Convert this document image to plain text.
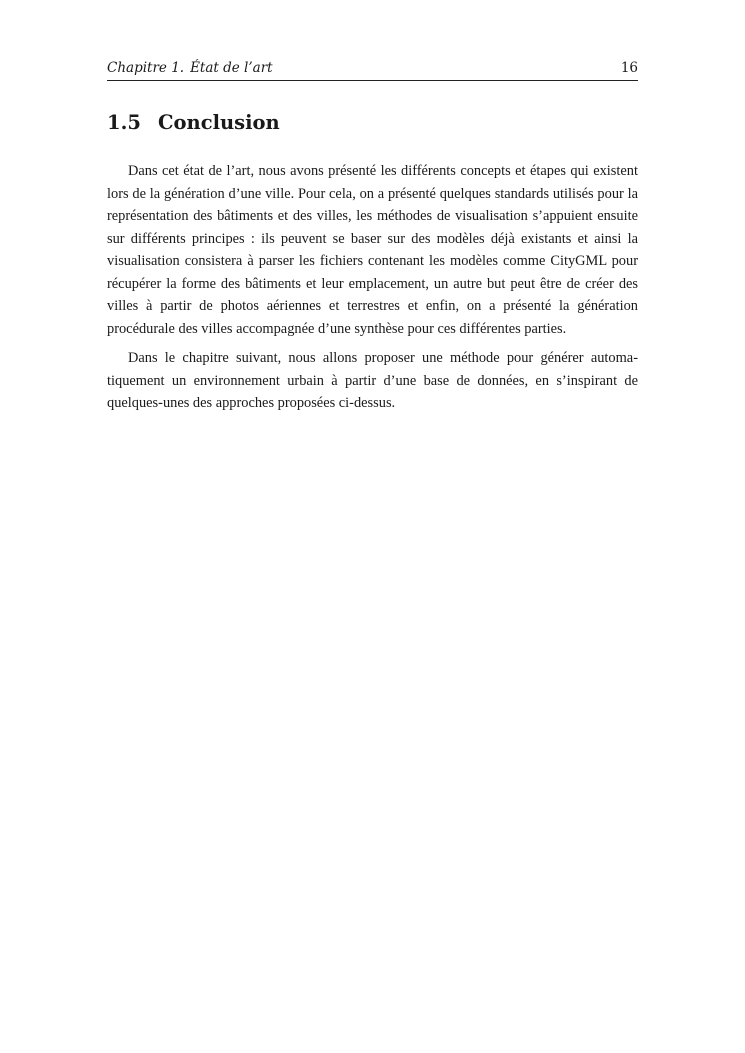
Chapitre 1. État de l’art	16
1.5 Conclusion

Dans cet état de l’art, nous avons présenté les différents concepts et étapes qui existent lors de la génération d’une ville. Pour cela, on a présenté quelques standards utilisés pour la représentation des bâtiments et des villes, les méthodes de visualisation s’appuient ensuite sur différents principes : ils peuvent se baser sur des modèles déjà existants et ainsi la visualisation consistera à parser les fichiers contenant les modèles comme CityGML pour récupérer la forme des bâtiments et leur emplacement, un autre but peut être de créer des villes à partir de photos aériennes et terrestres et enfin, on a présenté la génération procédurale des villes accompagnée d’une synthèse pour ces différentes parties.

Dans le chapitre suivant, nous allons proposer une méthode pour générer automatiquement un environnement urbain à partir d’une base de données, en s’inspirant de quelques-unes des approches proposées ci-dessus.
